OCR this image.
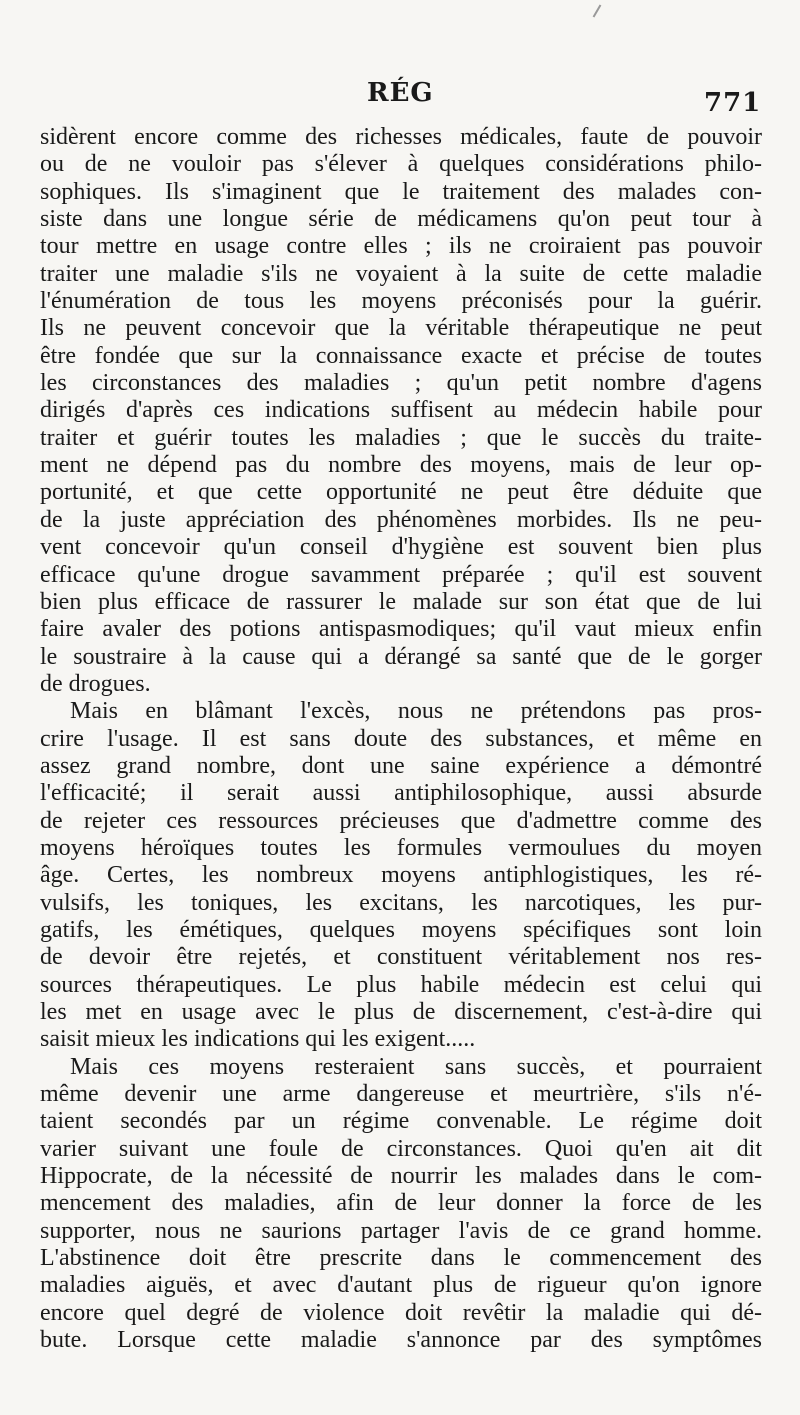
RÉG	771
sidèrent encore comme des richesses médicales, faute de pouvoir
ou de ne vouloir pas s'élever à quelques considérations philo-
sophiques. Ils s'imaginent que le traitement des malades con-
siste dans une longue série de médicamens qu'on peut tour à
tour mettre en usage contre elles ; ils ne croiraient pas pouvoir
traiter une maladie s'ils ne voyaient à la suite de cette maladie
l'énumération de tous les moyens préconisés pour la guérir.
Ils ne peuvent concevoir que la véritable thérapeutique ne peut
être fondée que sur la connaissance exacte et précise de toutes
les circonstances des maladies ; qu'un petit nombre d'agens
dirigés d'après ces indications suffisent au médecin habile pour
traiter et guérir toutes les maladies ; que le succès du traite-
ment ne dépend pas du nombre des moyens, mais de leur op-
portunité, et que cette opportunité ne peut être déduite que
de la juste appréciation des phénomènes morbides. Ils ne peu-
vent concevoir qu'un conseil d'hygiène est souvent bien plus
efficace qu'une drogue savamment préparée ; qu'il est souvent
bien plus efficace de rassurer le malade sur son état que de lui
faire avaler des potions antispasmodiques; qu'il vaut mieux enfin
le soustraire à la cause qui a dérangé sa santé que de le gorger
de drogues.
Mais en blâmant l'excès, nous ne prétendons pas pros-
crire l'usage. Il est sans doute des substances, et même en
assez grand nombre, dont une saine expérience a démontré
l'efficacité; il serait aussi antiphilosophique, aussi absurde
de rejeter ces ressources précieuses que d'admettre comme des
moyens héroïques toutes les formules vermoulues du moyen
âge. Certes, les nombreux moyens antiphlogistiques, les ré-
vulsifs, les toniques, les excitans, les narcotiques, les pur-
gatifs, les émétiques, quelques moyens spécifiques sont loin
de devoir être rejetés, et constituent véritablement nos res-
sources thérapeutiques. Le plus habile médecin est celui qui
les met en usage avec le plus de discernement, c'est-à-dire qui
saisit mieux les indications qui les exigent.....
Mais ces moyens resteraient sans succès, et pourraient
même devenir une arme dangereuse et meurtrière, s'ils n'é-
taient secondés par un régime convenable. Le régime doit
varier suivant une foule de circonstances. Quoi qu'en ait dit
Hippocrate, de la nécessité de nourrir les malades dans le com-
mencement des maladies, afin de leur donner la force de les
supporter, nous ne saurions partager l'avis de ce grand homme.
L'abstinence doit être prescrite dans le commencement des
maladies aiguës, et avec d'autant plus de rigueur qu'on ignore
encore quel degré de violence doit revêtir la maladie qui dé-
bute. Lorsque cette maladie s'annonce par des symptômes
